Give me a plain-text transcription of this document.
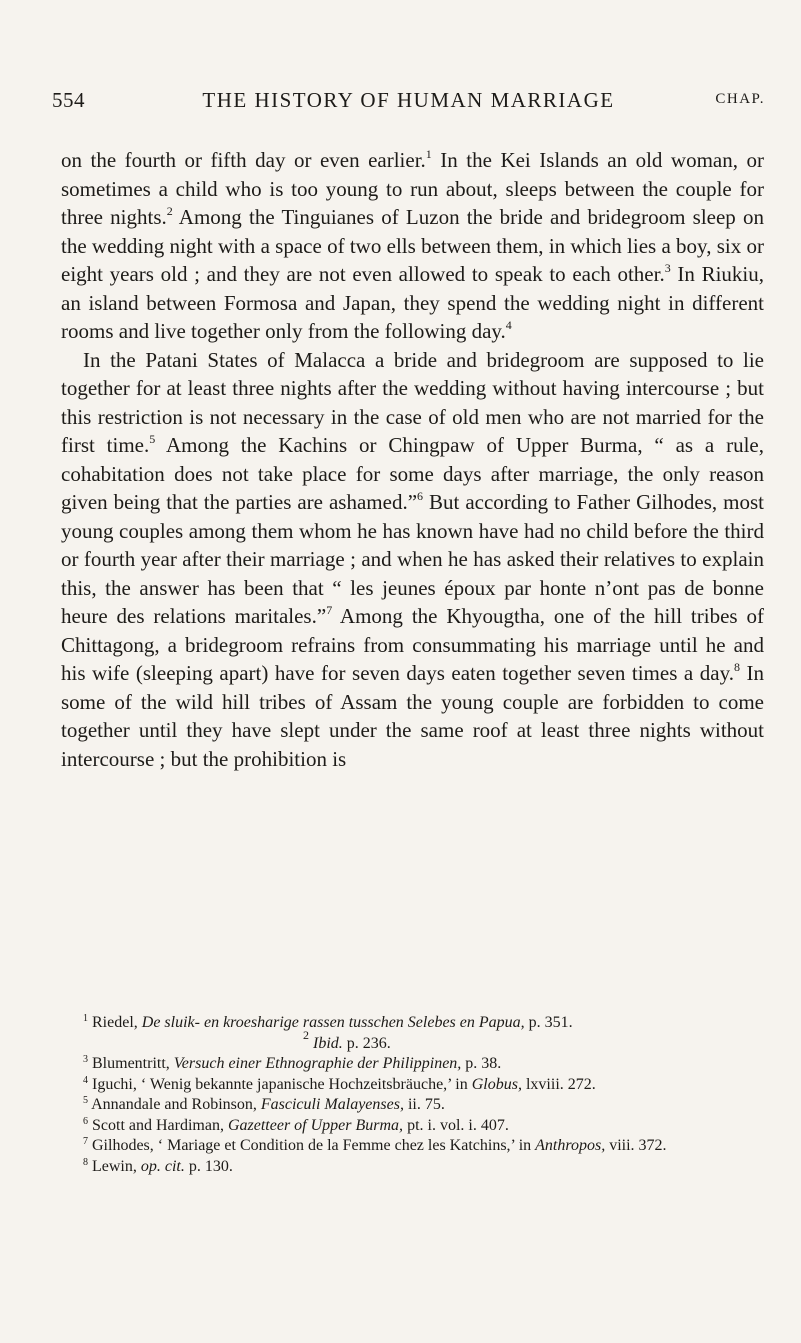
554	THE HISTORY OF HUMAN MARRIAGE	CHAP.

on the fourth or fifth day or even earlier.$^1$ In the Kei Islands an old woman, or sometimes a child who is too young to run about, sleeps between the couple for three nights.$^2$ Among the Tinguianes of Luzon the bride and bridegroom sleep on the wedding night with a space of two ells between them, in which lies a boy, six or eight years old ; and they are not even allowed to speak to each other.$^3$ In Riukiu, an island between Formosa and Japan, they spend the wedding night in different rooms and live together only from the following day.$^4$

In the Patani States of Malacca a bride and bridegroom are supposed to lie together for at least three nights after the wedding without having intercourse ; but this restriction is not necessary in the case of old men who are not married for the first time.$^5$ Among the Kachins or Chingpaw of Upper Burma, “ as a rule, cohabitation does not take place for some days after marriage, the only reason given being that the parties are ashamed.”$^6$ But according to Father Gilhodes, most young couples among them whom he has known have had no child before the third or fourth year after their marriage ; and when he has asked their relatives to explain this, the answer has been that “ les jeunes époux par honte n’ont pas de bonne heure des relations maritales.”$^7$ Among the Khyougtha, one of the hill tribes of Chittagong, a bridegroom refrains from consummating his marriage until he and his wife (sleeping apart) have for seven days eaten together seven times a day.$^8$ In some of the wild hill tribes of Assam the young couple are forbidden to come together until they have slept under the same roof at least three nights without intercourse ; but the prohibition is

$^1$ Riedel, De sluik- en kroesharige rassen tusschen Selebes en Papua, p. 351.

$^2$ Ibid. p. 236.

$^3$ Blumentritt, Versuch einer Ethnographie der Philippinen, p. 38.

$^4$ Iguchi, ‘ Wenig bekannte japanische Hochzeitsbräuche,’ in Globus, lxviii. 272.

$^5$ Annandale and Robinson, Fasciculi Malayenses, ii. 75.

$^6$ Scott and Hardiman, Gazetteer of Upper Burma, pt. i. vol. i. 407.

$^7$ Gilhodes, ‘ Mariage et Condition de la Femme chez les Katchins,’ in Anthropos, viii. 372.

$^8$ Lewin, op. cit. p. 130.
